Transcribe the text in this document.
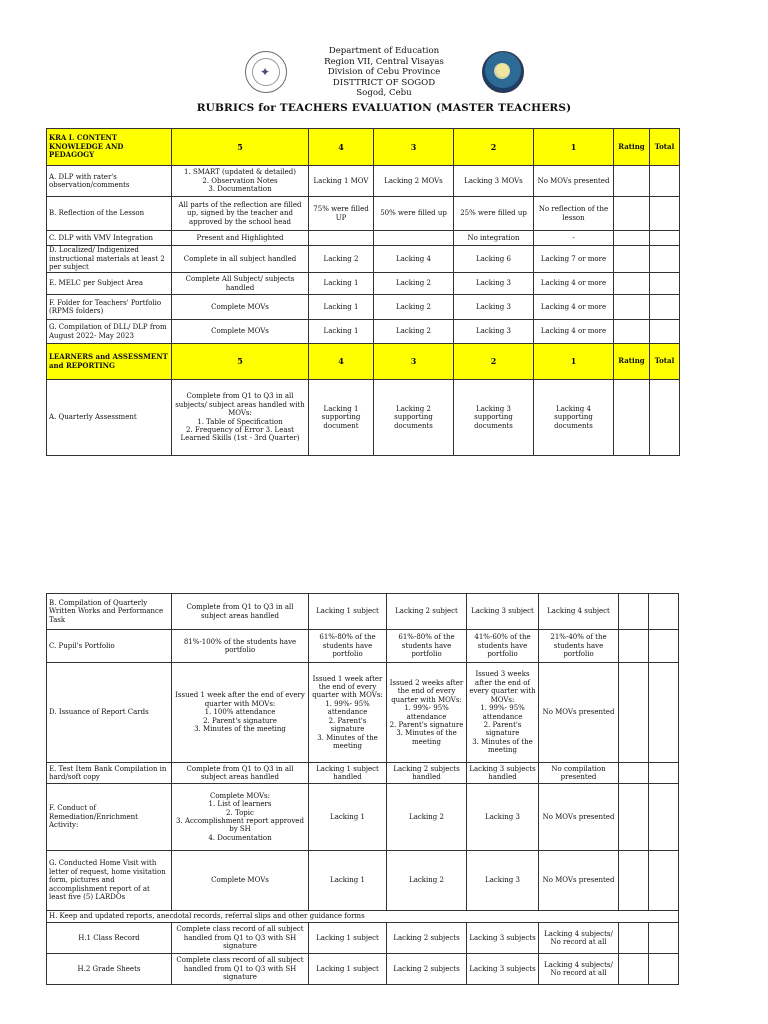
Department of Education
Region VII, Central Visayas
Division of Cebu Province
DISTTRICT OF SOGOD
Sogod, Cebu
RUBRICS for TEACHERS EVALUATION (MASTER TEACHERS)
✦
KRA I. CONTENT KNOWLEDGE AND PEDAGOGY	5	4	3	2	1	Rating	Total
A. DLP with rater's observation/comments	1. SMART (updated & detailed)
2. Observation Notes
3. Documentation	Lacking 1 MOV	Lacking 2 MOVs	Lacking 3 MOVs	No MOVs presented		
B. Reflection of the Lesson	All parts of the reflection are filled up, signed by the teacher and approved by the school head	75% were filled UP	50% were filled up	25% were filled up	No reflection of the lesson		
C. DLP with VMV Integration	Present and Highlighted			No integration	-		
D. Localized/ Indigenized instructional materials at least 2 per subject	Complete in all subject handled	Lacking 2	Lacking 4	Lacking 6	Lacking 7 or more		
E. MELC per Subject Area	Complete All Subject/ subjects handled	Lacking 1	Lacking 2	Lacking 3	Lacking 4 or more		
F. Folder for Teachers' Portfolio (RPMS folders)	Complete MOVs	Lacking 1	Lacking 2	Lacking 3	Lacking 4 or more		
G. Compilation of DLL/ DLP from August 2022- May 2023	Complete MOVs	Lacking 1	Lacking 2	Lacking 3	Lacking 4 or more		
LEARNERS and ASSESSMENT and REPORTING	5	4	3	2	1	Rating	Total
A. Quarterly Assessment	Complete from Q1 to Q3 in all subjects/ subject areas handled with MOVs:
1. Table of Specification
2. Frequency of Error 3. Least Learned Skills (1st - 3rd Quarter)	Lacking 1 supporting document	Lacking 2 supporting documents	Lacking 3 supporting documents	Lacking 4 supporting documents		
B. Compilation of Quarterly Written Works and Performance Task	Complete from Q1 to Q3 in all subject areas handled	Lacking 1 subject	Lacking 2 subject	Lacking 3 subject	Lacking 4 subject		
C. Pupil's Portfolio	81%-100% of the students have portfolio	61%-80% of the students have portfolio	61%-80% of the students have portfolio	41%-60% of the students have portfolio	21%-40% of the students have portfolio		
D. Issuance of Report Cards	Issued 1 week after the end of every quarter with MOVs:
1. 100% attendance
2. Parent's signature
3. Minutes of the meeting	Issued 1 week after the end of every quarter with MOVs:
1. 99%- 95% attendance
2. Parent's signature
3. Minutes of the meeting	Issued 2 weeks after the end of every quarter with MOVs:
1. 99%- 95% attendance
2. Parent's signature
3. Minutes of the meeting	Issued 3 weeks after the end of every quarter with MOVs:
1. 99%- 95% attendance
2. Parent's signature
3. Minutes of the meeting	No MOVs presented		
E. Test Item Bank Compilation in hard/soft copy	Complete from Q1 to Q3 in all subject areas handled	Lacking 1 subject handled	Lacking 2 subjects handled	Lacking 3 subjects handled	No compilation presented		
F. Conduct of Remediation/Enrichment Activity:	Complete MOVs:
1. List of learners
2. Topic
3. Accomplishment report approved by SH
4. Documentation	Lacking 1	Lacking 2	Lacking 3	No MOVs presented		
G. Conducted Home Visit with letter of request, home visitation form, pictures and accomplishment report of at least five (5) LARDOs	Complete MOVs	Lacking 1	Lacking 2	Lacking 3	No MOVs presented		
H. Keep and updated reports, anecdotal records, referral slips and other guidance forms							
H.1 Class Record	Complete class record of all subject handled from Q1 to Q3 with SH signature	Lacking 1 subject	Lacking 2 subjects	Lacking 3 subjects	Lacking 4 subjects/ No record at all		
H.2 Grade Sheets	Complete class record of all subject handled from Q1 to Q3 with SH signature	Lacking 1 subject	Lacking 2 subjects	Lacking 3 subjects	Lacking 4 subjects/ No record at all		
